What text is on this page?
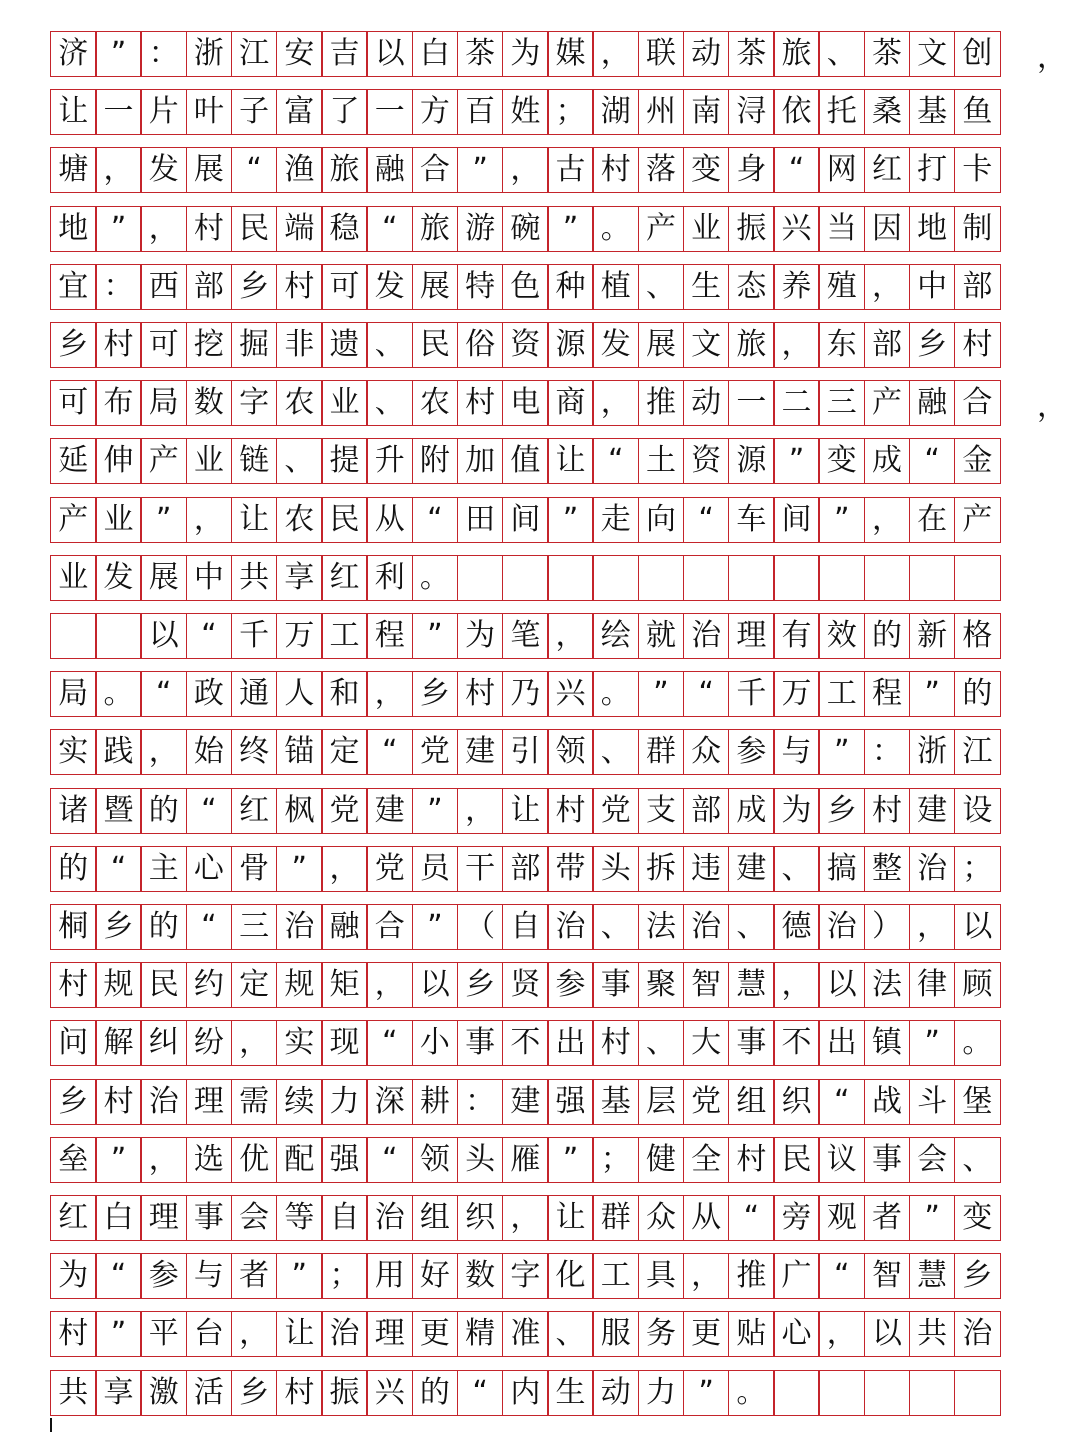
济 ” ： 浙 江 安 吉 以 白 茶 为 媒 ， 联 动 茶 旅 、 茶 文 创 ，
让 一 片 叶 子 富 了 一 方 百 姓 ； 湖 州 南 浔 依 托 桑 基 鱼
塘 ， 发 展 “ 渔 旅 融 合 ” ， 古 村 落 变 身 “ 网 红 打 卡
地 ” ， 村 民 端 稳 “ 旅 游 碗 ” 。 产 业 振 兴 当 因 地 制
宜 ： 西 部 乡 村 可 发 展 特 色 种 植 、 生 态 养 殖 ， 中 部
乡 村 可 挖 掘 非 遗 、 民 俗 资 源 发 展 文 旅 ， 东 部 乡 村
可 布 局 数 字 农 业 、 农 村 电 商 ， 推 动 一 二 三 产 融 合 ，
延 伸 产 业 链 、 提 升 附 加 值 让 “ 土 资 源 ” 变 成 “ 金
产 业 ” ， 让 农 民 从 “ 田 间 ” 走 向 “ 车 间 ” ， 在 产
业 发 展 中 共 享 红 利 。
以 “ 千 万 工 程 ” 为 笔 ， 绘 就 治 理 有 效 的 新 格
局 。 “ 政 通 人 和 ， 乡 村 乃 兴 。 ” “ 千 万 工 程 ” 的
实 践 ， 始 终 锚 定 “ 党 建 引 领 、 群 众 参 与 ” ： 浙 江
诸 暨 的 “ 红 枫 党 建 ” ， 让 村 党 支 部 成 为 乡 村 建 设
的 “ 主 心 骨 ” ， 党 员 干 部 带 头 拆 违 建 、 搞 整 治 ；
桐 乡 的 “ 三 治 融 合 ” （ 自 治 、 法 治 、 德 治 ） ， 以
村 规 民 约 定 规 矩 ， 以 乡 贤 参 事 聚 智 慧 ， 以 法 律 顾
问 解 纠 纷 ， 实 现 “ 小 事 不 出 村 、 大 事 不 出 镇 ” 。
乡 村 治 理 需 续 力 深 耕 ： 建 强 基 层 党 组 织 “ 战 斗 堡
垒 ” ， 选 优 配 强 “ 领 头 雁 ” ； 健 全 村 民 议 事 会 、
红 白 理 事 会 等 自 治 组 织 ， 让 群 众 从 “ 旁 观 者 ” 变
为 “ 参 与 者 ” ； 用 好 数 字 化 工 具 ， 推 广 “ 智 慧 乡
村 ” 平 台 ， 让 治 理 更 精 准 、 服 务 更 贴 心 ， 以 共 治
共 享 激 活 乡 村 振 兴 的 “ 内 生 动 力 ” 。
